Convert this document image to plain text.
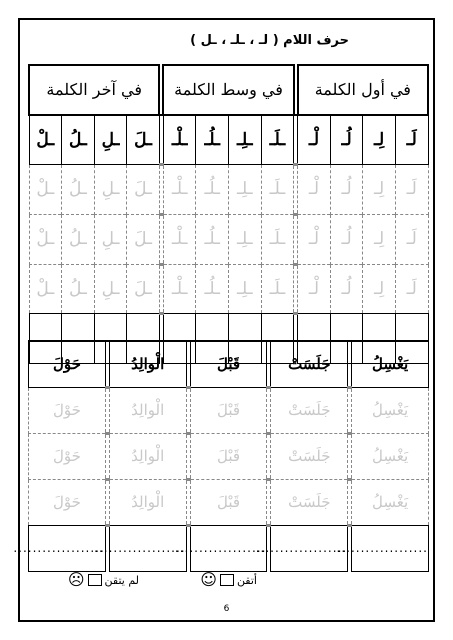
حرف اللام ( لـ ، ـلـ ، ـل )
في أول الكلمة					في وسط الكلمة					في آخر الكلمة			
لَـ	لِـ	لُـ	لْـ		ـلَـ	ـلِـ	ـلُـ	ـلْـ		ـلَ	ـلِ	ـلُ	ـلْ
لَـ	لِـ	لُـ	لْـ		ـلَـ	ـلِـ	ـلُـ	ـلْـ		ـلَ	ـلِ	ـلُ	ـلْ
لَـ	لِـ	لُـ	لْـ		ـلَـ	ـلِـ	ـلُـ	ـلْـ		ـلَ	ـلِ	ـلُ	ـلْ
لَـ	لِـ	لُـ	لْـ		ـلَـ	ـلِـ	ـلُـ	ـلْـ		ـلَ	ـلِ	ـلُ	ـلْ

يَغْسِلُ		جَلَسَتْ		قَبْلَ		الْوالِدُ		حَوْلَ
يَغْسِلُ		جَلَسَتْ		قَبْلَ		الْوالِدُ		حَوْلَ
يَغْسِلُ		جَلَسَتْ		قَبْلَ		الْوالِدُ		حَوْلَ
يَغْسِلُ		جَلَسَتْ		قَبْلَ		الْوالِدُ		حَوْلَ
...................		...................		...................		...................		...................
أتقن
☺
لم يتقن
☹
6
